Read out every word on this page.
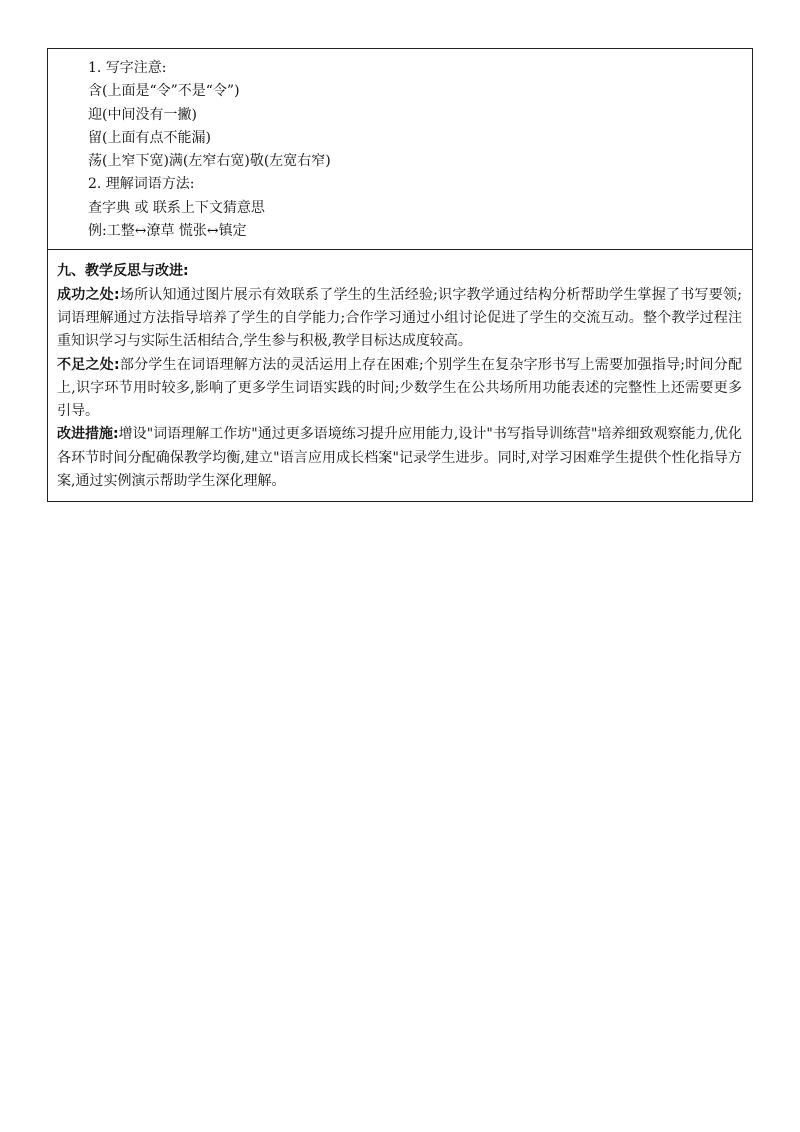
1. 写字注意:
含(上面是“令”不是“令”)
迎(中间没有一撇)
留(上面有点不能漏)
荡(上窄下宽)满(左窄右宽)敬(左宽右窄)
2. 理解词语方法:
查字典 或 联系上下文猜意思
例:工整↔潦草 慌张↔镇定
九、教学反思与改进:
成功之处:场所认知通过图片展示有效联系了学生的生活经验;识字教学通过结构分析帮助学生掌握了书写要领;词语理解通过方法指导培养了学生的自学能力;合作学习通过小组讨论促进了学生的交流互动。整个教学过程注重知识学习与实际生活相结合,学生参与积极,教学目标达成度较高。
不足之处:部分学生在词语理解方法的灵活运用上存在困难;个别学生在复杂字形书写上需要加强指导;时间分配上,识字环节用时较多,影响了更多学生词语实践的时间;少数学生在公共场所用功能表述的完整性上还需要更多引导。
改进措施:增设"词语理解工作坊"通过更多语境练习提升应用能力,设计"书写指导训练营"培养细致观察能力,优化各环节时间分配确保教学均衡,建立"语言应用成长档案"记录学生进步。同时,对学习困难学生提供个性化指导方案,通过实例演示帮助学生深化理解。
